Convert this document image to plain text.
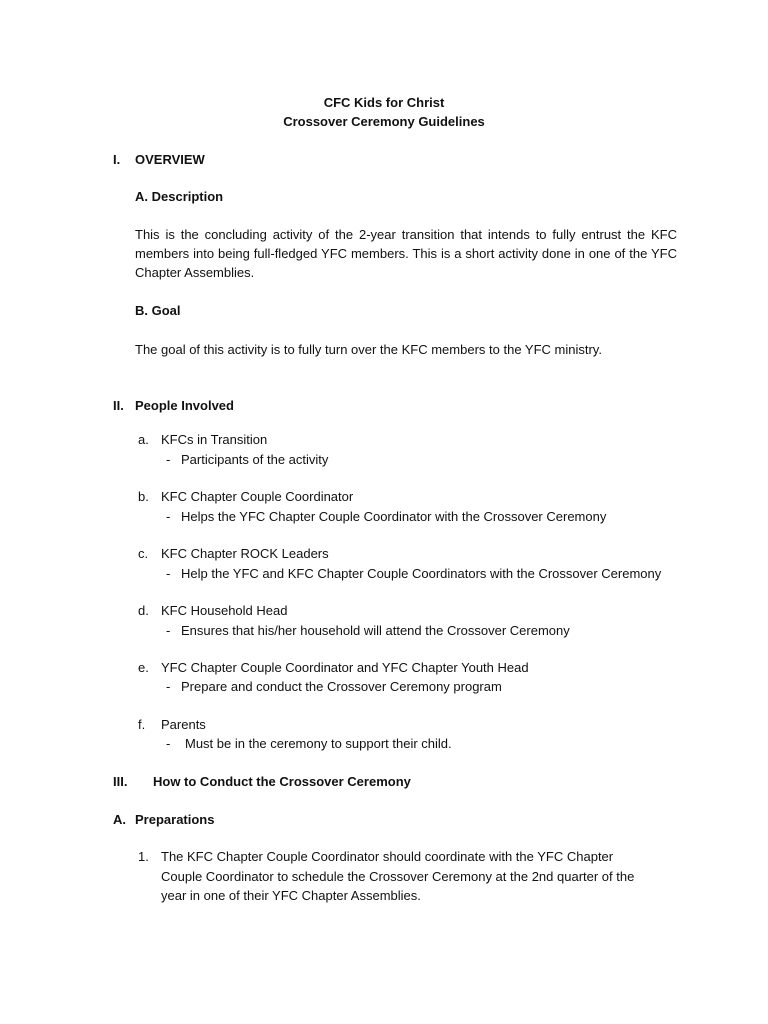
CFC Kids for Christ

Crossover Ceremony Guidelines

I. OVERVIEW
A. Description

This is the concluding activity of the 2-year transition that intends to fully entrust the KFC members into being full-fledged YFC members. This is a short activity done in one of the YFC Chapter Assemblies.

B. Goal

The goal of this activity is to fully turn over the KFC members to the YFC ministry.

II. People Involved
a. KFCs in Transition
- Participants of the activity
b. KFC Chapter Couple Coordinator
- Helps the YFC Chapter Couple Coordinator with the Crossover Ceremony
c. KFC Chapter ROCK Leaders
- Help the YFC and KFC Chapter Couple Coordinators with the Crossover Ceremony
d. KFC Household Head
- Ensures that his/her household will attend the Crossover Ceremony
e. YFC Chapter Couple Coordinator and YFC Chapter Youth Head
- Prepare and conduct the Crossover Ceremony program
f. Parents
- Must be in the ceremony to support their child.
III. How to Conduct the Crossover Ceremony
A. Preparations
1. The KFC Chapter Couple Coordinator should coordinate with the YFC Chapter
Couple Coordinator to schedule the Crossover Ceremony at the 2nd quarter of the
year in one of their YFC Chapter Assemblies.
